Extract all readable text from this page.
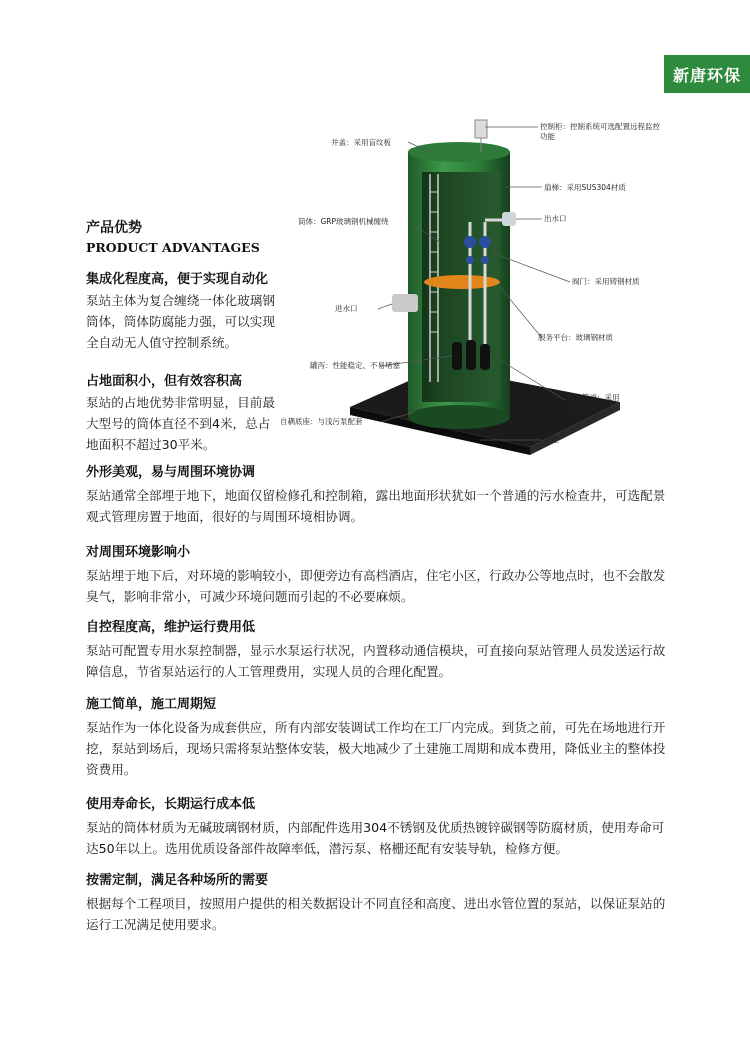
新唐环保

产品优势

PRODUCT ADVANTAGES

集成化程度高，便于实现自动化

泵站主体为复合缠绕一体化玻璃钢筒体，筒体防腐能力强，可以实现全自动无人值守控制系统。

占地面积小，但有效容积高

泵站的占地优势非常明显，目前最大型号的筒体直径不到4米，总占地面积不超过30平米。

井盖：采用盲纹板
控制柜：控制系统可选配置远程监控功能
扇梯：采用SUS304材质
筒体：GRP玻璃钢机械缠绕	出水口
阀门：采用铸钢材质
进水口
服务平台：玻璃钢材质
罐泻：性能稳定、不易堵塞
压力管道：采用SUS304材质
自耦底座：与浅污泵配套
底座

外形美观，易与周围环境协调

泵站通常全部埋于地下，地面仅留检修孔和控制箱，露出地面形状犹如一个普通的污水检查井，可选配景观式管理房置于地面，很好的与周围环境相协调。

对周围环境影响小

泵站埋于地下后，对环境的影响较小，即便旁边有高档酒店，住宅小区，行政办公等地点时，也不会散发臭气，影响非常小，可减少环境问题而引起的不必要麻烦。

自控程度高，维护运行费用低

泵站可配置专用水泵控制器，显示水泵运行状况，内置移动通信模块，可直接向泵站管理人员发送运行故障信息，节省泵站运行的人工管理费用，实现人员的合理化配置。

施工简单，施工周期短

泵站作为一体化设备为成套供应，所有内部安装调试工作均在工厂内完成。到货之前，可先在场地进行开挖，泵站到场后，现场只需将泵站整体安装，极大地减少了土建施工周期和成本费用，降低业主的整体投资费用。

使用寿命长，长期运行成本低

泵站的筒体材质为无碱玻璃钢材质，内部配件选用304不锈钢及优质热镀锌碳钢等防腐材质，使用寿命可达50年以上。选用优质设备部件故障率低，潜污泵、格栅还配有安装导轨，检修方便。

按需定制，满足各种场所的需要

根据每个工程项目，按照用户提供的相关数据设计不同直径和高度、进出水管位置的泵站，以保证泵站的运行工况满足使用要求。
